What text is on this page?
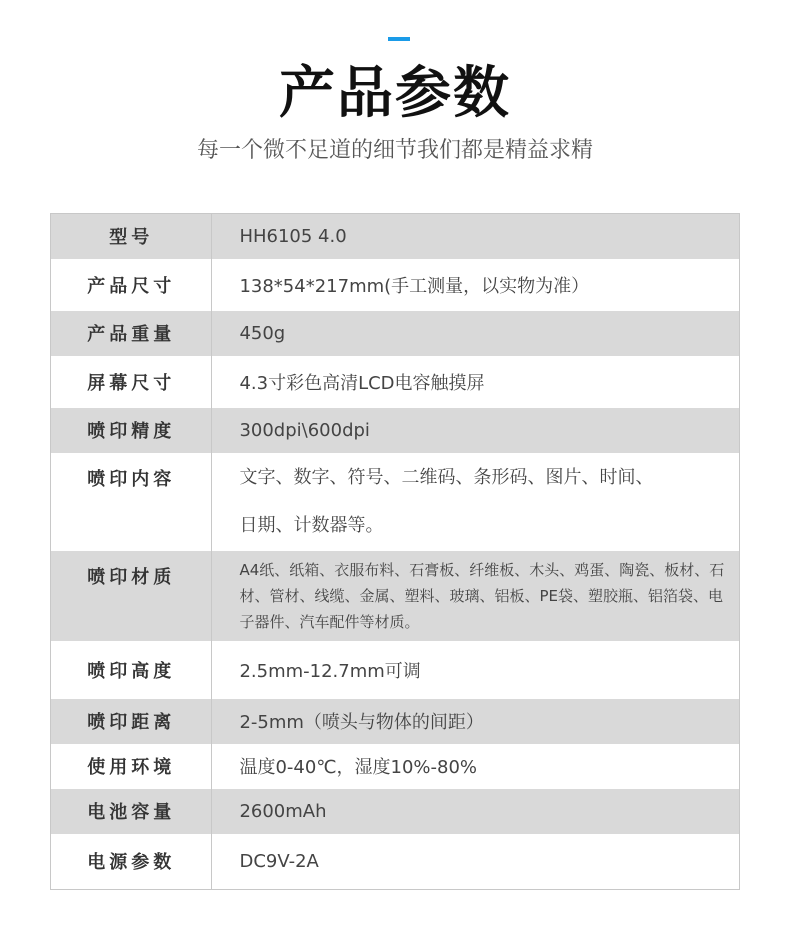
产品参数
每一个微不足道的细节我们都是精益求精
型号	HH6105 4.0
产品尺寸	138*54*217mm(手工测量，以实物为准）
产品重量	450g
屏幕尺寸	4.3寸彩色高清LCD电容触摸屏
喷印精度	300dpi\600dpi
喷印内容	文字、数字、符号、二维码、条形码、图片、时间、
日期、计数器等。

喷印材质	A4纸、纸箱、衣服布料、石膏板、纤维板、木头、鸡蛋、陶瓷、板材、石材、管材、线缆、金属、塑料、玻璃、铝板、PE袋、塑胶瓶、铝箔袋、电子器件、汽车配件等材质。
喷印高度	2.5mm-12.7mm可调
喷印距离	2-5mm（喷头与物体的间距）
使用环境	温度0-40℃，湿度10%-80%
电池容量	2600mAh
电源参数	DC9V-2A
